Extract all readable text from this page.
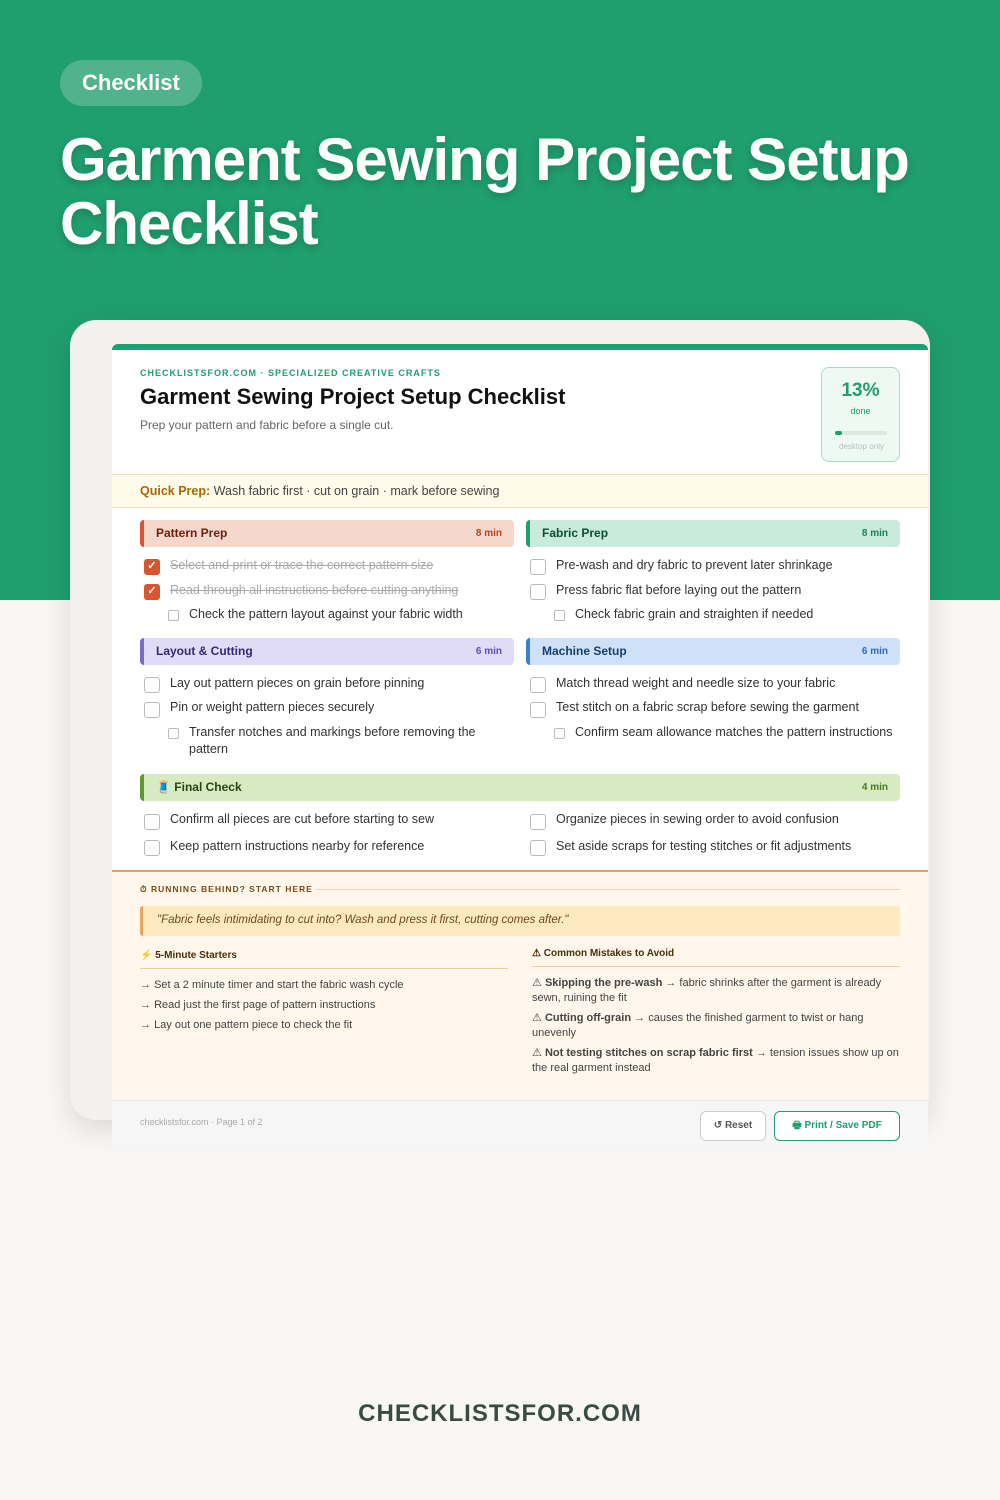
Checklist
Garment Sewing Project Setup Checklist
CHECKLISTSFOR.COM · SPECIALIZED CREATIVE CRAFTS
Garment Sewing Project Setup Checklist
Prep your pattern and fabric before a single cut.
13%
done
desktop only
Quick Prep: Wash fabric first · cut on grain · mark before sewing
Pattern Prep	8 min
✓ Select and print or trace the correct pattern size
✓ Read through all instructions before cutting anything
Check the pattern layout against your fabric width
Fabric Prep	8 min
Pre-wash and dry fabric to prevent later shrinkage
Press fabric flat before laying out the pattern
Check fabric grain and straighten if needed
Layout & Cutting	6 min
Lay out pattern pieces on grain before pinning
Pin or weight pattern pieces securely
Transfer notches and markings before removing the pattern
Machine Setup	6 min
Match thread weight and needle size to your fabric
Test stitch on a fabric scrap before sewing the garment
Confirm seam allowance matches the pattern instructions
🧵 Final Check	4 min
Confirm all pieces are cut before starting to sew	Organize pieces in sewing order to avoid confusion
Keep pattern instructions nearby for reference	Set aside scraps for testing stitches or fit adjustments
⏱ RUNNING BEHIND? START HERE
"Fabric feels intimidating to cut into? Wash and press it first, cutting comes after."
⚡ 5-Minute Starters
→ Set a 2 minute timer and start the fabric wash cycle
→ Read just the first page of pattern instructions
→ Lay out one pattern piece to check the fit
⚠ Common Mistakes to Avoid
⚠ Skipping the pre-wash → fabric shrinks after the garment is already sewn, ruining the fit
⚠ Cutting off-grain → causes the finished garment to twist or hang unevenly
⚠ Not testing stitches on scrap fabric first → tension issues show up on the real garment instead
checklistsfor.com · Page 1 of 2	↺ Reset	🖶 Print / Save PDF
CHECKLISTSFOR.COM
